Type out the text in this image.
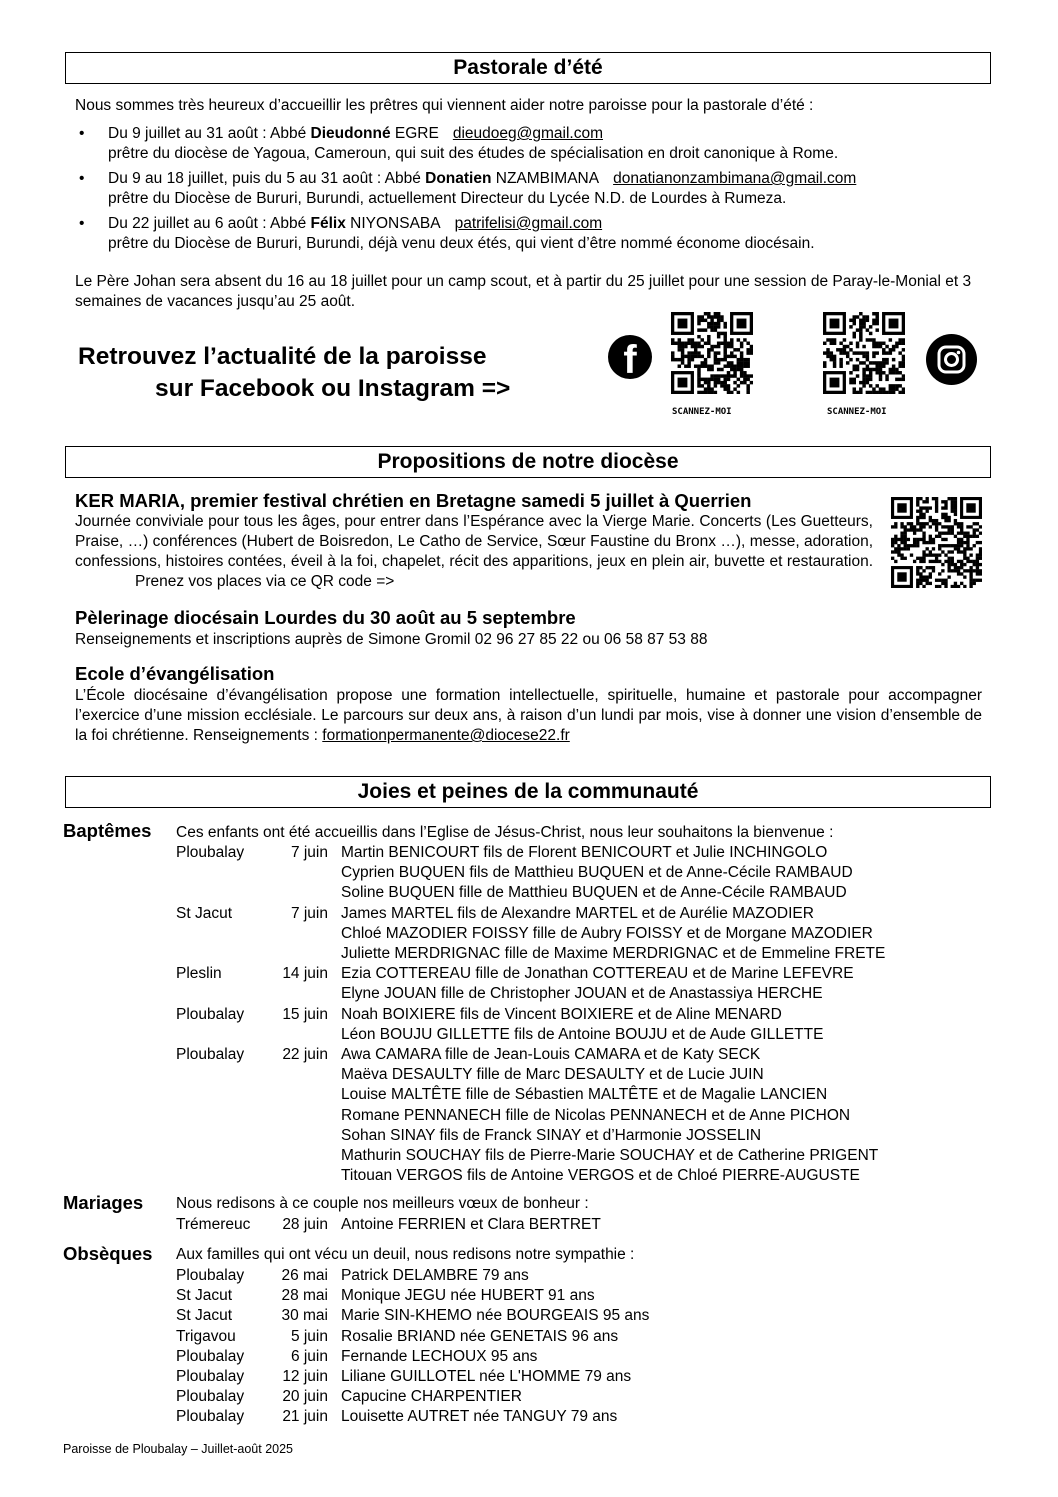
Pastorale d’été
Nous sommes très heureux d’accueillir les prêtres qui viennent aider notre paroisse pour la pastorale d’été :
• Du 9 juillet au 31 août : Abbé Dieudonné EGRE dieudoeg@gmail.com
prêtre du diocèse de Yagoua, Cameroun, qui suit des études de spécialisation en droit canonique à Rome.
• Du 9 au 18 juillet, puis du 5 au 31 août : Abbé Donatien NZAMBIMANA donatianonzambimana@gmail.com
prêtre du Diocèse de Bururi, Burundi, actuellement Directeur du Lycée N.D. de Lourdes à Rumeza.
• Du 22 juillet au 6 août : Abbé Félix NIYONSABA patrifelisi@gmail.com
prêtre du Diocèse de Bururi, Burundi, déjà venu deux étés, qui vient d’être nommé économe diocésain.
Le Père Johan sera absent du 16 au 18 juillet pour un camp scout, et à partir du 25 juillet pour une session de Paray-le-Monial et 3 semaines de vacances jusqu’au 25 août.
Retrouvez l’actualité de la paroisse
sur Facebook ou Instagram =>
f
SCANNEZ-MOI	SCANNEZ-MOI
Propositions de notre diocèse
KER MARIA, premier festival chrétien en Bretagne samedi 5 juillet à Querrien
Journée conviviale pour tous les âges, pour entrer dans l’Espérance avec la Vierge Marie. Concerts (Les Guetteurs, Praise, …) conférences (Hubert de Boisredon, Le Catho de Service, Sœur Faustine du Bronx …), messe, adoration, confessions, histoires contées, éveil à la foi, chapelet, récit des apparitions, jeux en plein air, buvette et restauration.Prenez vos places via ce QR code =>
Pèlerinage diocésain Lourdes du 30 août au 5 septembre
Renseignements et inscriptions auprès de Simone Gromil 02 96 27 85 22 ou 06 58 87 53 88
Ecole d’évangélisation
L’École diocésaine d’évangélisation propose une formation intellectuelle, spirituelle, humaine et pastorale pour accompagner l’exercice d’une mission ecclésiale. Le parcours sur deux ans, à raison d’un lundi par mois, vise à donner une vision d’ensemble de la foi chrétienne. Renseignements : formationpermanente@diocese22.fr
Joies et peines de la communauté
Baptêmes Ces enfants ont été accueillis dans l’Eglise de Jésus-Christ, nous leur souhaitons la bienvenue :
Ploubalay	7 juin Martin BENICOURT fils de Florent BENICOURT et Julie INCHINGOLO
Cyprien BUQUEN fils de Matthieu BUQUEN et de Anne-Cécile RAMBAUD
Soline BUQUEN fille de Matthieu BUQUEN et de Anne-Cécile RAMBAUD
St Jacut	7 juin James MARTEL fils de Alexandre MARTEL et de Aurélie MAZODIER
Chloé MAZODIER FOISSY fille de Aubry FOISSY et de Morgane MAZODIER
Juliette MERDRIGNAC fille de Maxime MERDRIGNAC et de Emmeline FRETE
Pleslin	14 juin Ezia COTTEREAU fille de Jonathan COTTEREAU et de Marine LEFEVRE
Elyne JOUAN fille de Christopher JOUAN et de Anastassiya HERCHE
Ploubalay	15 juin Noah BOIXIERE fils de Vincent BOIXIERE et de Aline MENARD
Léon BOUJU GILLETTE fils de Antoine BOUJU et de Aude GILLETTE
Ploubalay	22 juin Awa CAMARA fille de Jean-Louis CAMARA et de Katy SECK
Maëva DESAULTY fille de Marc DESAULTY et de Lucie JUIN
Louise MALTÊTE fille de Sébastien MALTÊTE et de Magalie LANCIEN
Romane PENNANECH fille de Nicolas PENNANECH et de Anne PICHON
Sohan SINAY fils de Franck SINAY et d’Harmonie JOSSELIN
Mathurin SOUCHAY fils de Pierre-Marie SOUCHAY et de Catherine PRIGENT
Titouan VERGOS fils de Antoine VERGOS et de Chloé PIERRE-AUGUSTE
Mariages Nous redisons à ce couple nos meilleurs vœux de bonheur :
Trémereuc	28 juin Antoine FERRIEN et Clara BERTRET
Obsèques Aux familles qui ont vécu un deuil, nous redisons notre sympathie :
Ploubalay	26 mai Patrick DELAMBRE 79 ans
St Jacut	28 mai Monique JEGU née HUBERT 91 ans
St Jacut	30 mai Marie SIN-KHEMO née BOURGEAIS 95 ans
Trigavou	5 juin Rosalie BRIAND née GENETAIS 96 ans
Ploubalay	6 juin Fernande LECHOUX 95 ans
Ploubalay	12 juin Liliane GUILLOTEL née L'HOMME 79 ans
Ploubalay	20 juin Capucine CHARPENTIER
Ploubalay	21 juin Louisette AUTRET née TANGUY 79 ans
Paroisse de Ploubalay – Juillet-août 2025
